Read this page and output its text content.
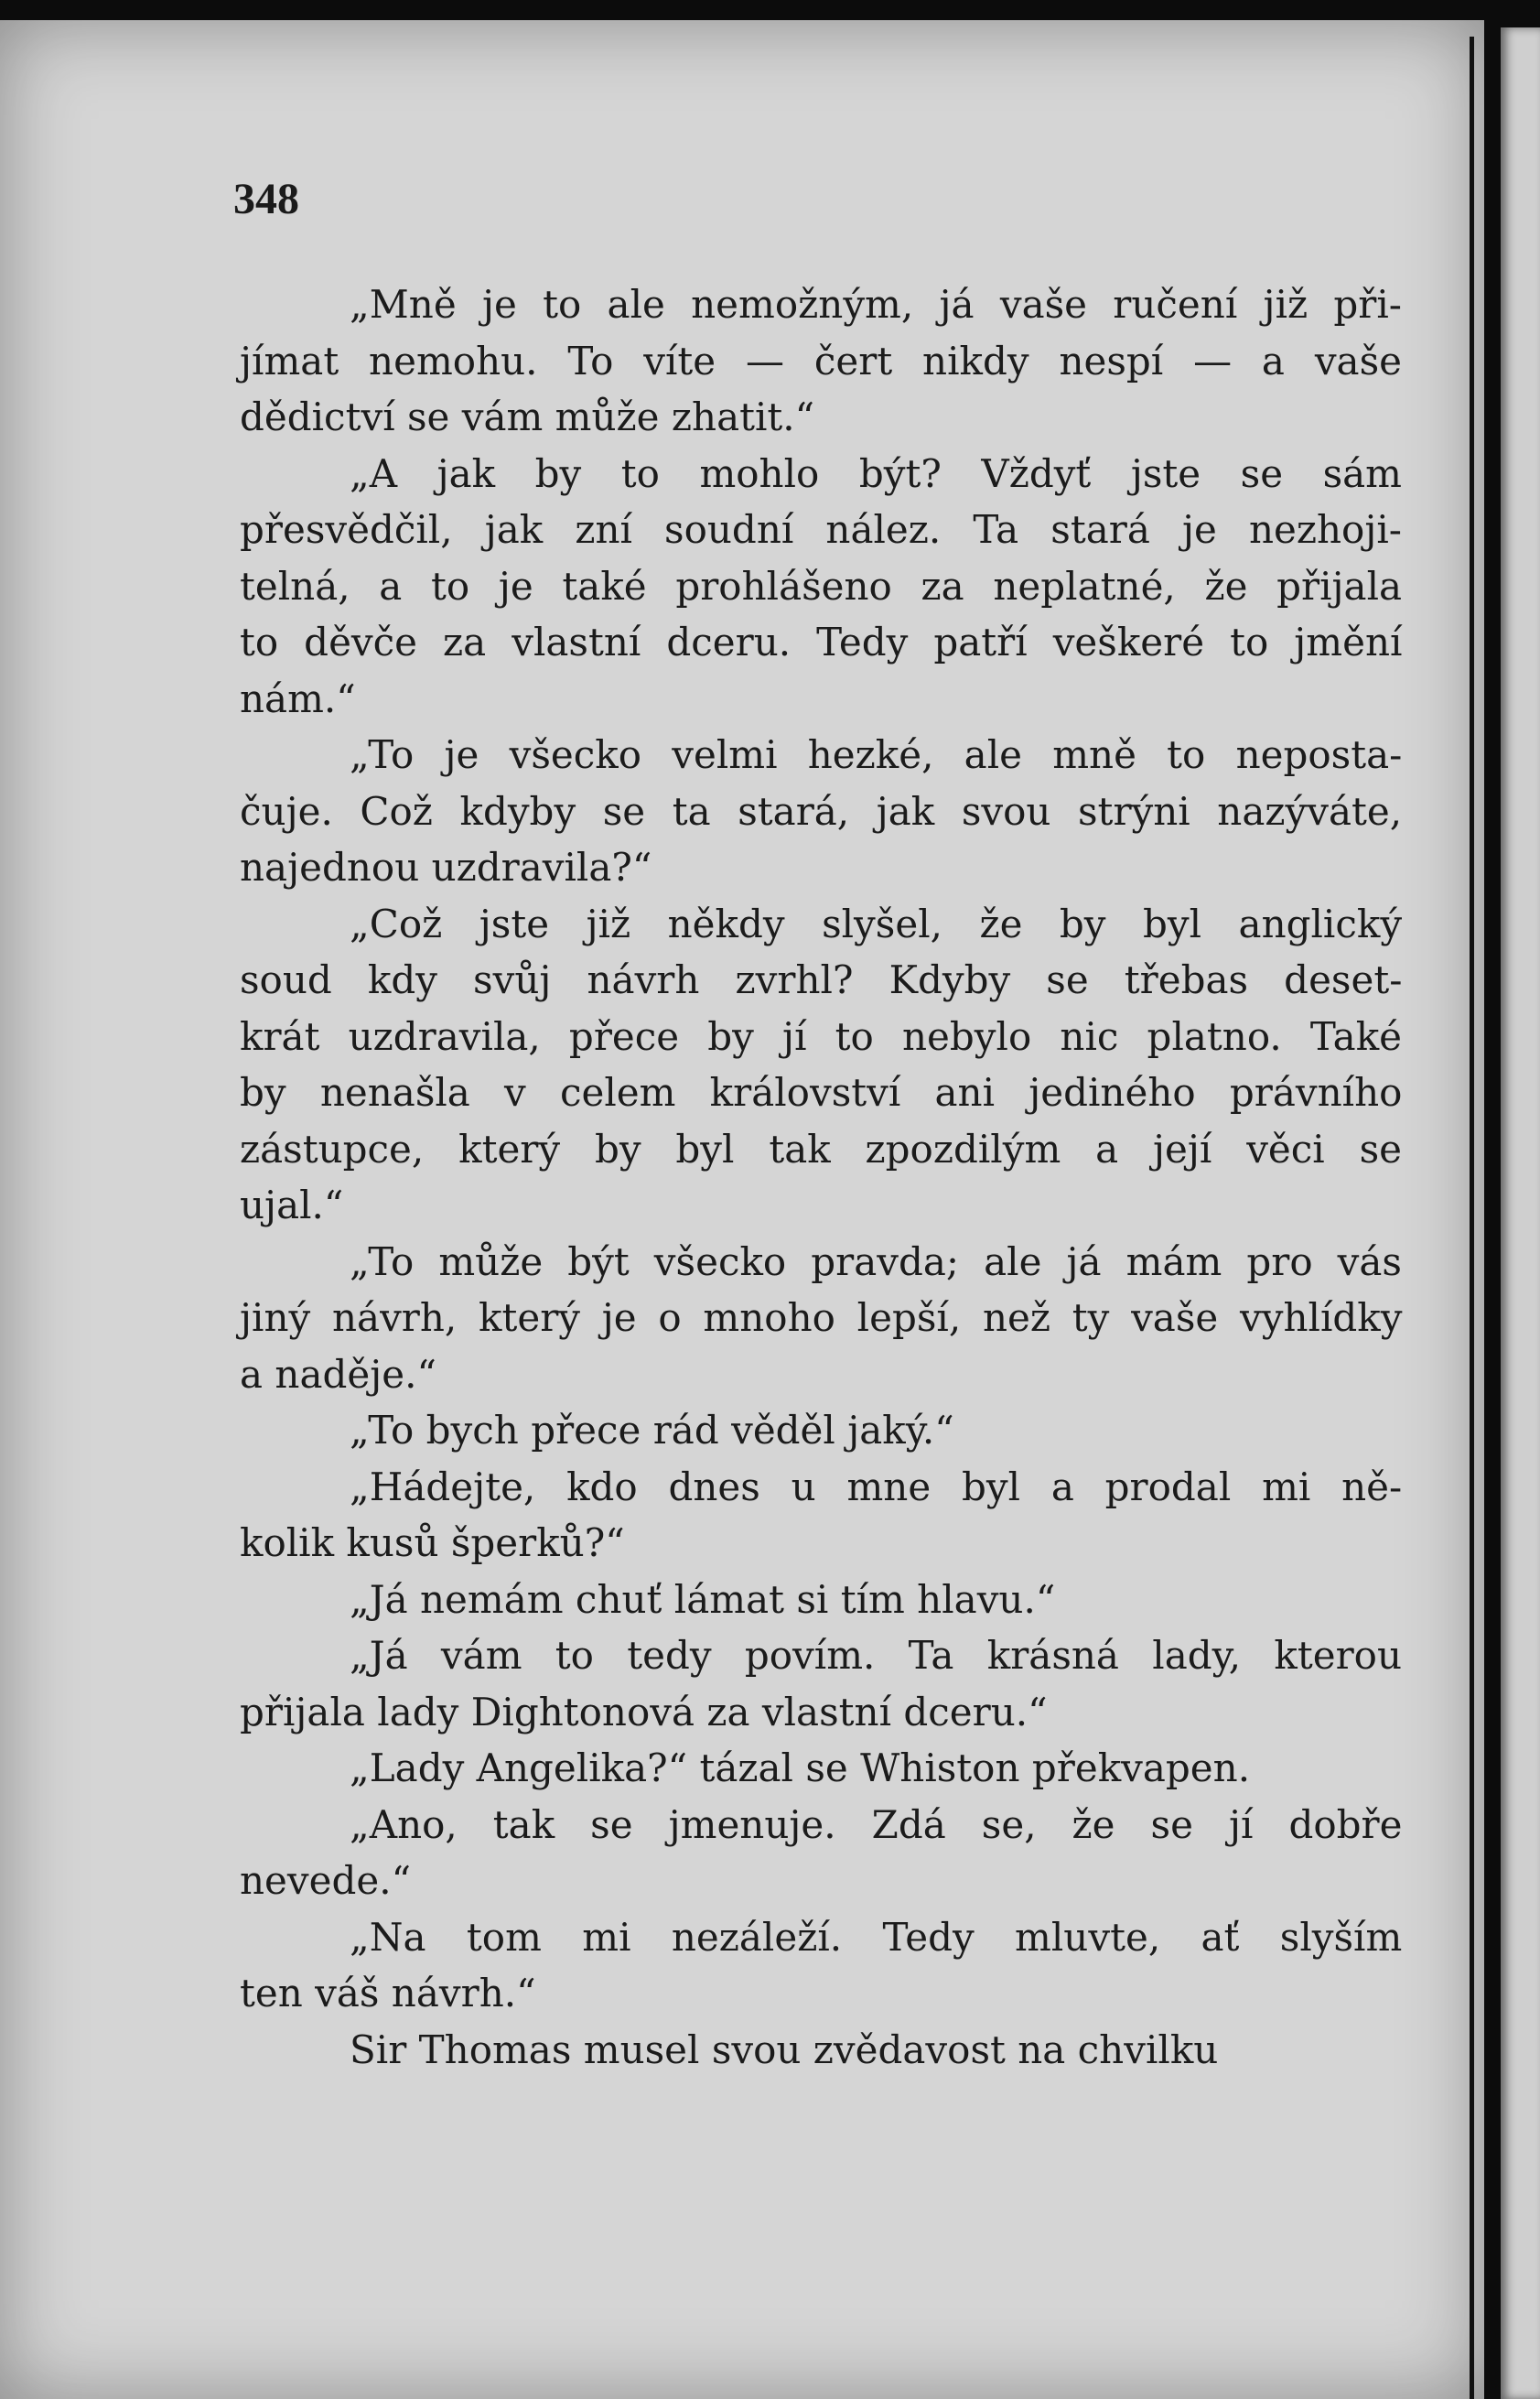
348
„Mně je to ale nemožným, já vaše ručení již při-
jímat nemohu. To víte — čert nikdy nespí — a vaše
dědictví se vám může zhatit.“
„A jak by to mohlo být? Vždyť jste se sám
přesvědčil, jak zní soudní nález. Ta stará je nezhoji-
telná, a to je také prohlášeno za neplatné, že přijala
to děvče za vlastní dceru. Tedy patří veškeré to jmění
nám.“
„To je všecko velmi hezké, ale mně to neposta-
čuje. Což kdyby se ta stará, jak svou strýni nazýváte,
najednou uzdravila?“
„Což jste již někdy slyšel, že by byl anglický
soud kdy svůj návrh zvrhl? Kdyby se třebas deset-
krát uzdravila, přece by jí to nebylo nic platno. Také
by nenašla v celem království ani jediného právního
zástupce, který by byl tak zpozdilým a její věci se
ujal.“
„To může být všecko pravda; ale já mám pro vás
jiný návrh, který je o mnoho lepší, než ty vaše vyhlídky
a naděje.“
„To bych přece rád věděl jaký.“
„Hádejte, kdo dnes u mne byl a prodal mi ně-
kolik kusů šperků?“
„Já nemám chuť lámat si tím hlavu.“
„Já vám to tedy povím. Ta krásná lady, kterou
přijala lady Dightonová za vlastní dceru.“
„Lady Angelika?“ tázal se Whiston překvapen.
„Ano, tak se jmenuje. Zdá se, že se jí dobře
nevede.“
„Na tom mi nezáleží. Tedy mluvte, ať slyším
ten váš návrh.“
Sir Thomas musel svou zvědavost na chvilku
